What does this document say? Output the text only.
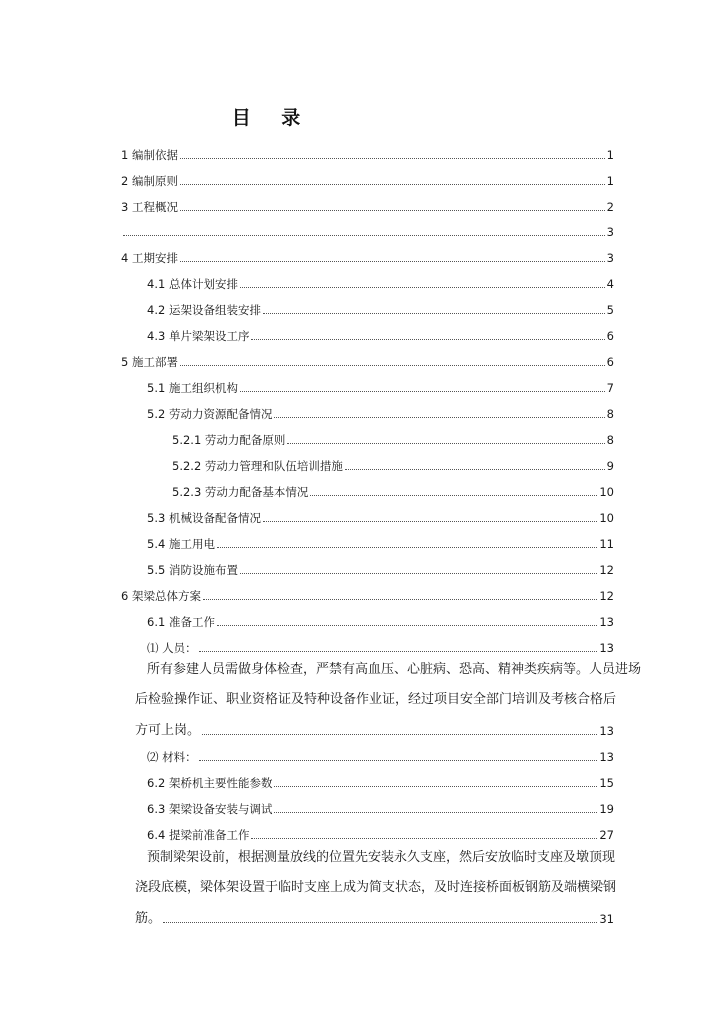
目 录
1 编制依据	1
2 编制原则	1
3 工程概况	2
3
4 工期安排	3
4.1 总体计划安排	4
4.2 运架设备组装安排	5
4.3 单片梁架设工序	6
5 施工部署	6
5.1 施工组织机构	7
5.2 劳动力资源配备情况	8
5.2.1 劳动力配备原则	8
5.2.2 劳动力管理和队伍培训措施	9
5.2.3 劳动力配备基本情况	10
5.3 机械设备配备情况	10
5.4 施工用电	11
5.5 消防设施布置	12
6 架梁总体方案	12
6.1 准备工作	13
⑴ 人员：	13
所有参建人员需做身体检查，严禁有高血压、心脏病、恐高、精神类疾病等。人员进场
后检验操作证、职业资格证及特种设备作业证，经过项目安全部门培训及考核合格后
方可上岗。	13
⑵ 材料：	13
6.2 架桥机主要性能参数	15
6.3 架梁设备安装与调试	19
6.4 提梁前准备工作	27
预制梁架设前，根据测量放线的位置先安装永久支座，然后安放临时支座及墩顶现
浇段底模，梁体架设置于临时支座上成为简支状态，及时连接桥面板钢筋及端横梁钢
筋。	31
